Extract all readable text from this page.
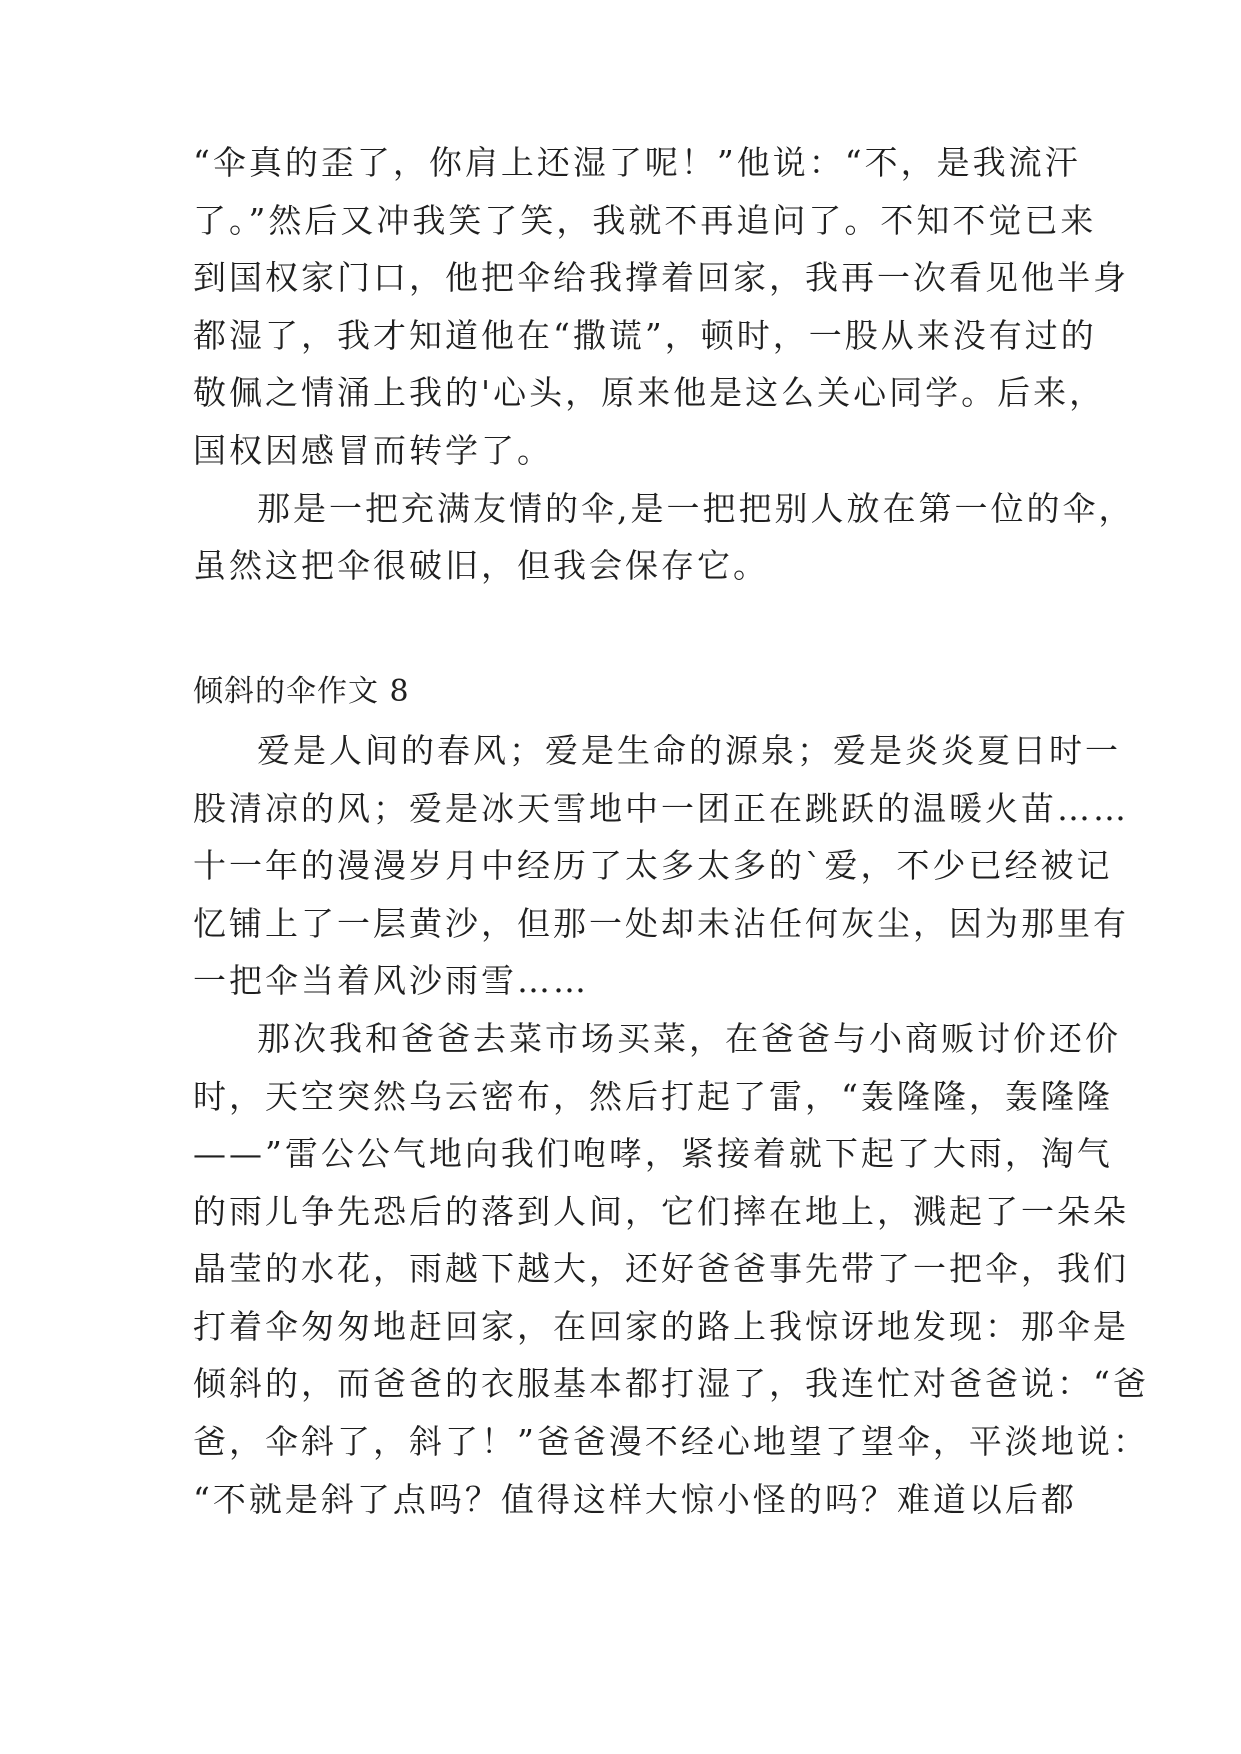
“伞真的歪了，你肩上还湿了呢！”他说：“不，是我流汗
了。”然后又冲我笑了笑，我就不再追问了。不知不觉已来
到国权家门口，他把伞给我撑着回家，我再一次看见他半身
都湿了，我才知道他在“撒谎”，顿时，一股从来没有过的
敬佩之情涌上我的'心头，原来他是这么关心同学。后来，
国权因感冒而转学了。
那是一把充满友情的伞,是一把把别人放在第一位的伞，
虽然这把伞很破旧，但我会保存它。
倾斜的伞作文 8
爱是人间的春风；爱是生命的源泉；爱是炎炎夏日时一
股清凉的风；爱是冰天雪地中一团正在跳跃的温暖火苗……
十一年的漫漫岁月中经历了太多太多的`爱，不少已经被记
忆铺上了一层黄沙，但那一处却未沾任何灰尘，因为那里有
一把伞当着风沙雨雪……
那次我和爸爸去菜市场买菜，在爸爸与小商贩讨价还价
时，天空突然乌云密布，然后打起了雷，“轰隆隆，轰隆隆
——”雷公公气地向我们咆哮，紧接着就下起了大雨，淘气
的雨儿争先恐后的落到人间，它们摔在地上，溅起了一朵朵
晶莹的水花，雨越下越大，还好爸爸事先带了一把伞，我们
打着伞匆匆地赶回家，在回家的路上我惊讶地发现：那伞是
倾斜的，而爸爸的衣服基本都打湿了，我连忙对爸爸说：“爸
爸，伞斜了，斜了！”爸爸漫不经心地望了望伞，平淡地说：
“不就是斜了点吗？值得这样大惊小怪的吗？难道以后都
